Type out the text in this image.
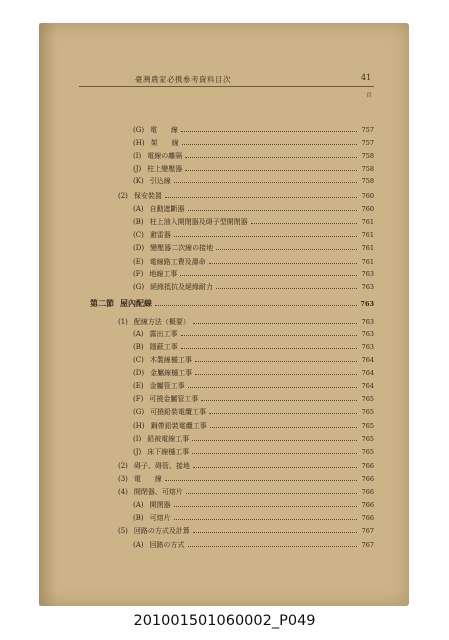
臺灣農家必携參考資料目次	41
頁
(G) 電　　線	757
(H) 架　　線	757
(I) 電線の離隔	758
(J) 柱上變壓器	758
(K) 引込線	758
(2) 保安裝置	760
(A) 自動遮斷器	760
(B) 柱上油入開閉器及碍子型開閉器	761
(C) 避雷器	761
(D) 變壓器二次線の接地	761
(E) 電線路工費及壽命	761
(F) 地線工事	763
(G) 絕緣抵抗及絕緣耐力	763
第二節 屋內配線	763
(1) 配線方法（概要）	763
(A) 露出工事	763
(B) 隱蔽工事	763
(C) 木製線樋工事	764
(D) 金屬線樋工事	764
(E) 金屬管工事	764
(F) 可撓金屬管工事	765
(G) 可撓鉛裝電纜工事	765
(H) 鋼帶鉛裝電纜工事	765
(I) 鉛被電線工事	765
(J) 床下線樋工事	765
(2) 碍子、碍管、接地	766
(3) 電　　線	766
(4) 開閉器、可熔片	766
(A) 開閉器	766
(B) 可熔片	766
(5) 回路の方式及計算	767
(A) 回路の方式	767
201001501060002_P049
